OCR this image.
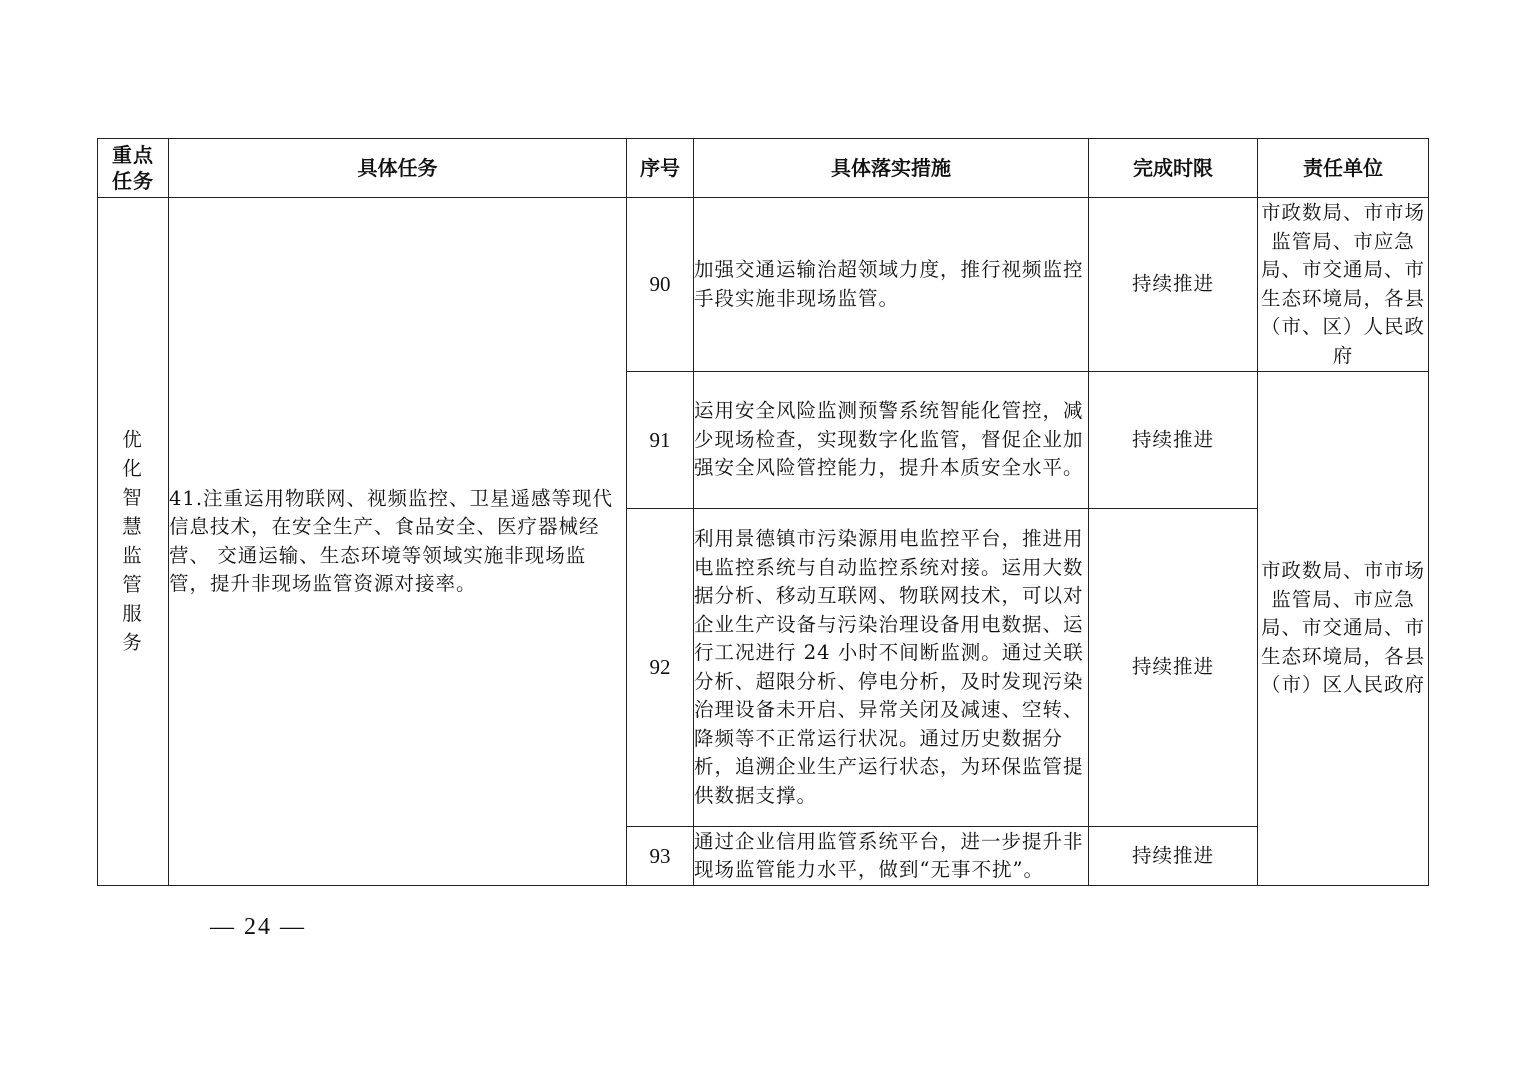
重点任务	具体任务	序号	具体落实措施	完成时限	责任单位
优化智慧监管服务	41.注重运用物联网、视频监控、卫星遥感等现代　信息技术，在安全生产、食品安全、医疗器械经营、 交通运输、生态环境等领域实施非现场监管，提升非现场监管资源对接率。	90	加强交通运输治超领域力度，推行视频监控手段实施非现场监管。	持续推进	市政数局、市市场监管局、市应急局、市交通局、市生态环境局，各县（市、区）人民政府
		91	运用安全风险监测预警系统智能化管控，减少现场检查，实现数字化监管，督促企业加强安全风险管控能力，提升本质安全水平。	持续推进	市政数局、市市场监管局、市应急局、市交通局、市生态环境局，各县（市）区人民政府
		92	利用景德镇市污染源用电监控平台，推进用电监控系统与自动监控系统对接。运用大数据分析、移动互联网、物联网技术，可以对企业生产设备与污染治理设备用电数据、运行工况进行 24 小时不间断监测。通过关联分析、超限分析、停电分析，及时发现污染治理设备未开启、异常关闭及减速、空转、降频等不正常运行状况。通过历史数据分析，追溯企业生产运行状态，为环保监管提供数据支撑。	持续推进	
		93	通过企业信用监管系统平台，进一步提升非现场监管能力水平，做到“无事不扰”。	持续推进	
— 24 —
